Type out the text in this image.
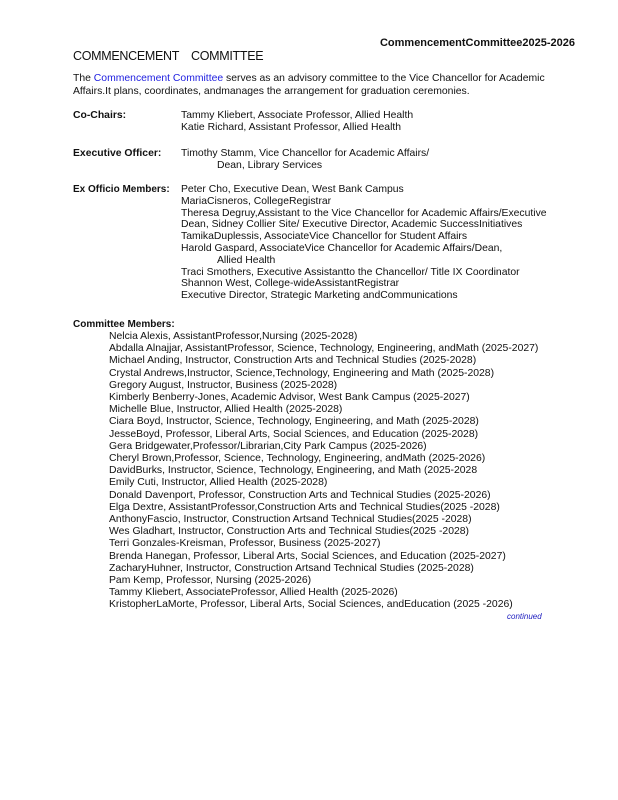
CommencementCommittee2025-2026
COMMENCEMENT COMMITTEE
The Commencement Committee serves as an advisory committee to the Vice Chancellor for Academic
Affairs.It plans, coordinates, andmanages the arrangement for graduation ceremonies.
Co-Chairs:	Tammy Kliebert, Associate Professor, Allied Health
Katie Richard, Assistant Professor, Allied Health
Executive Officer: Timothy Stamm, Vice Chancellor for Academic Affairs/
Dean, Library Services
Ex Officio Members: Peter Cho, Executive Dean, West Bank Campus
MariaCisneros, CollegeRegistrar
Theresa Degruy,Assistant to the Vice Chancellor for Academic Affairs/Executive
Dean, Sidney Collier Site/ Executive Director, Academic SuccessInitiatives
TamikaDuplessis, AssociateVice Chancellor for Student Affairs
Harold Gaspard, AssociateVice Chancellor for Academic Affairs/Dean,
Allied Health
Traci Smothers, Executive Assistantto the Chancellor/ Title IX Coordinator
Shannon West, College-wideAssistantRegistrar
Executive Director, Strategic Marketing andCommunications
Committee Members:
Nelcia Alexis, AssistantProfessor,Nursing (2025-2028)
Abdalla Alnajjar, AssistantProfessor, Science, Technology, Engineering, andMath (2025-2027)
Michael Anding, Instructor, Construction Arts and Technical Studies (2025-2028)
Crystal Andrews,Instructor, Science,Technology, Engineering and Math (2025-2028)
Gregory August, Instructor, Business (2025-2028)
Kimberly Benberry-Jones, Academic Advisor, West Bank Campus (2025-2027)
Michelle Blue, Instructor, Allied Health (2025-2028)
Ciara Boyd, Instructor, Science, Technology, Engineering, and Math (2025-2028)
JesseBoyd, Professor, Liberal Arts, Social Sciences, and Education (2025-2028)
Gera Bridgewater,Professor/Librarian,City Park Campus (2025-2026)
Cheryl Brown,Professor, Science, Technology, Engineering, andMath (2025-2026)
DavidBurks, Instructor, Science, Technology, Engineering, and Math (2025-2028
Emily Cuti, Instructor, Allied Health (2025-2028)
Donald Davenport, Professor, Construction Arts and Technical Studies (2025-2026)
Elga Dextre, AssistantProfessor,Construction Arts and Technical Studies(2025 -2028)
AnthonyFascio, Instructor, Construction Artsand Technical Studies(2025 -2028)
Wes Gladhart, Instructor, Construction Arts and Technical Studies(2025 -2028)
Terri Gonzales-Kreisman, Professor, Business (2025-2027)
Brenda Hanegan, Professor, Liberal Arts, Social Sciences, and Education (2025-2027)
ZacharyHuhner, Instructor, Construction Artsand Technical Studies (2025-2028)
Pam Kemp, Professor, Nursing (2025-2026)
Tammy Kliebert, AssociateProfessor, Allied Health (2025-2026)
KristopherLaMorte, Professor, Liberal Arts, Social Sciences, andEducation (2025 -2026)
continued
